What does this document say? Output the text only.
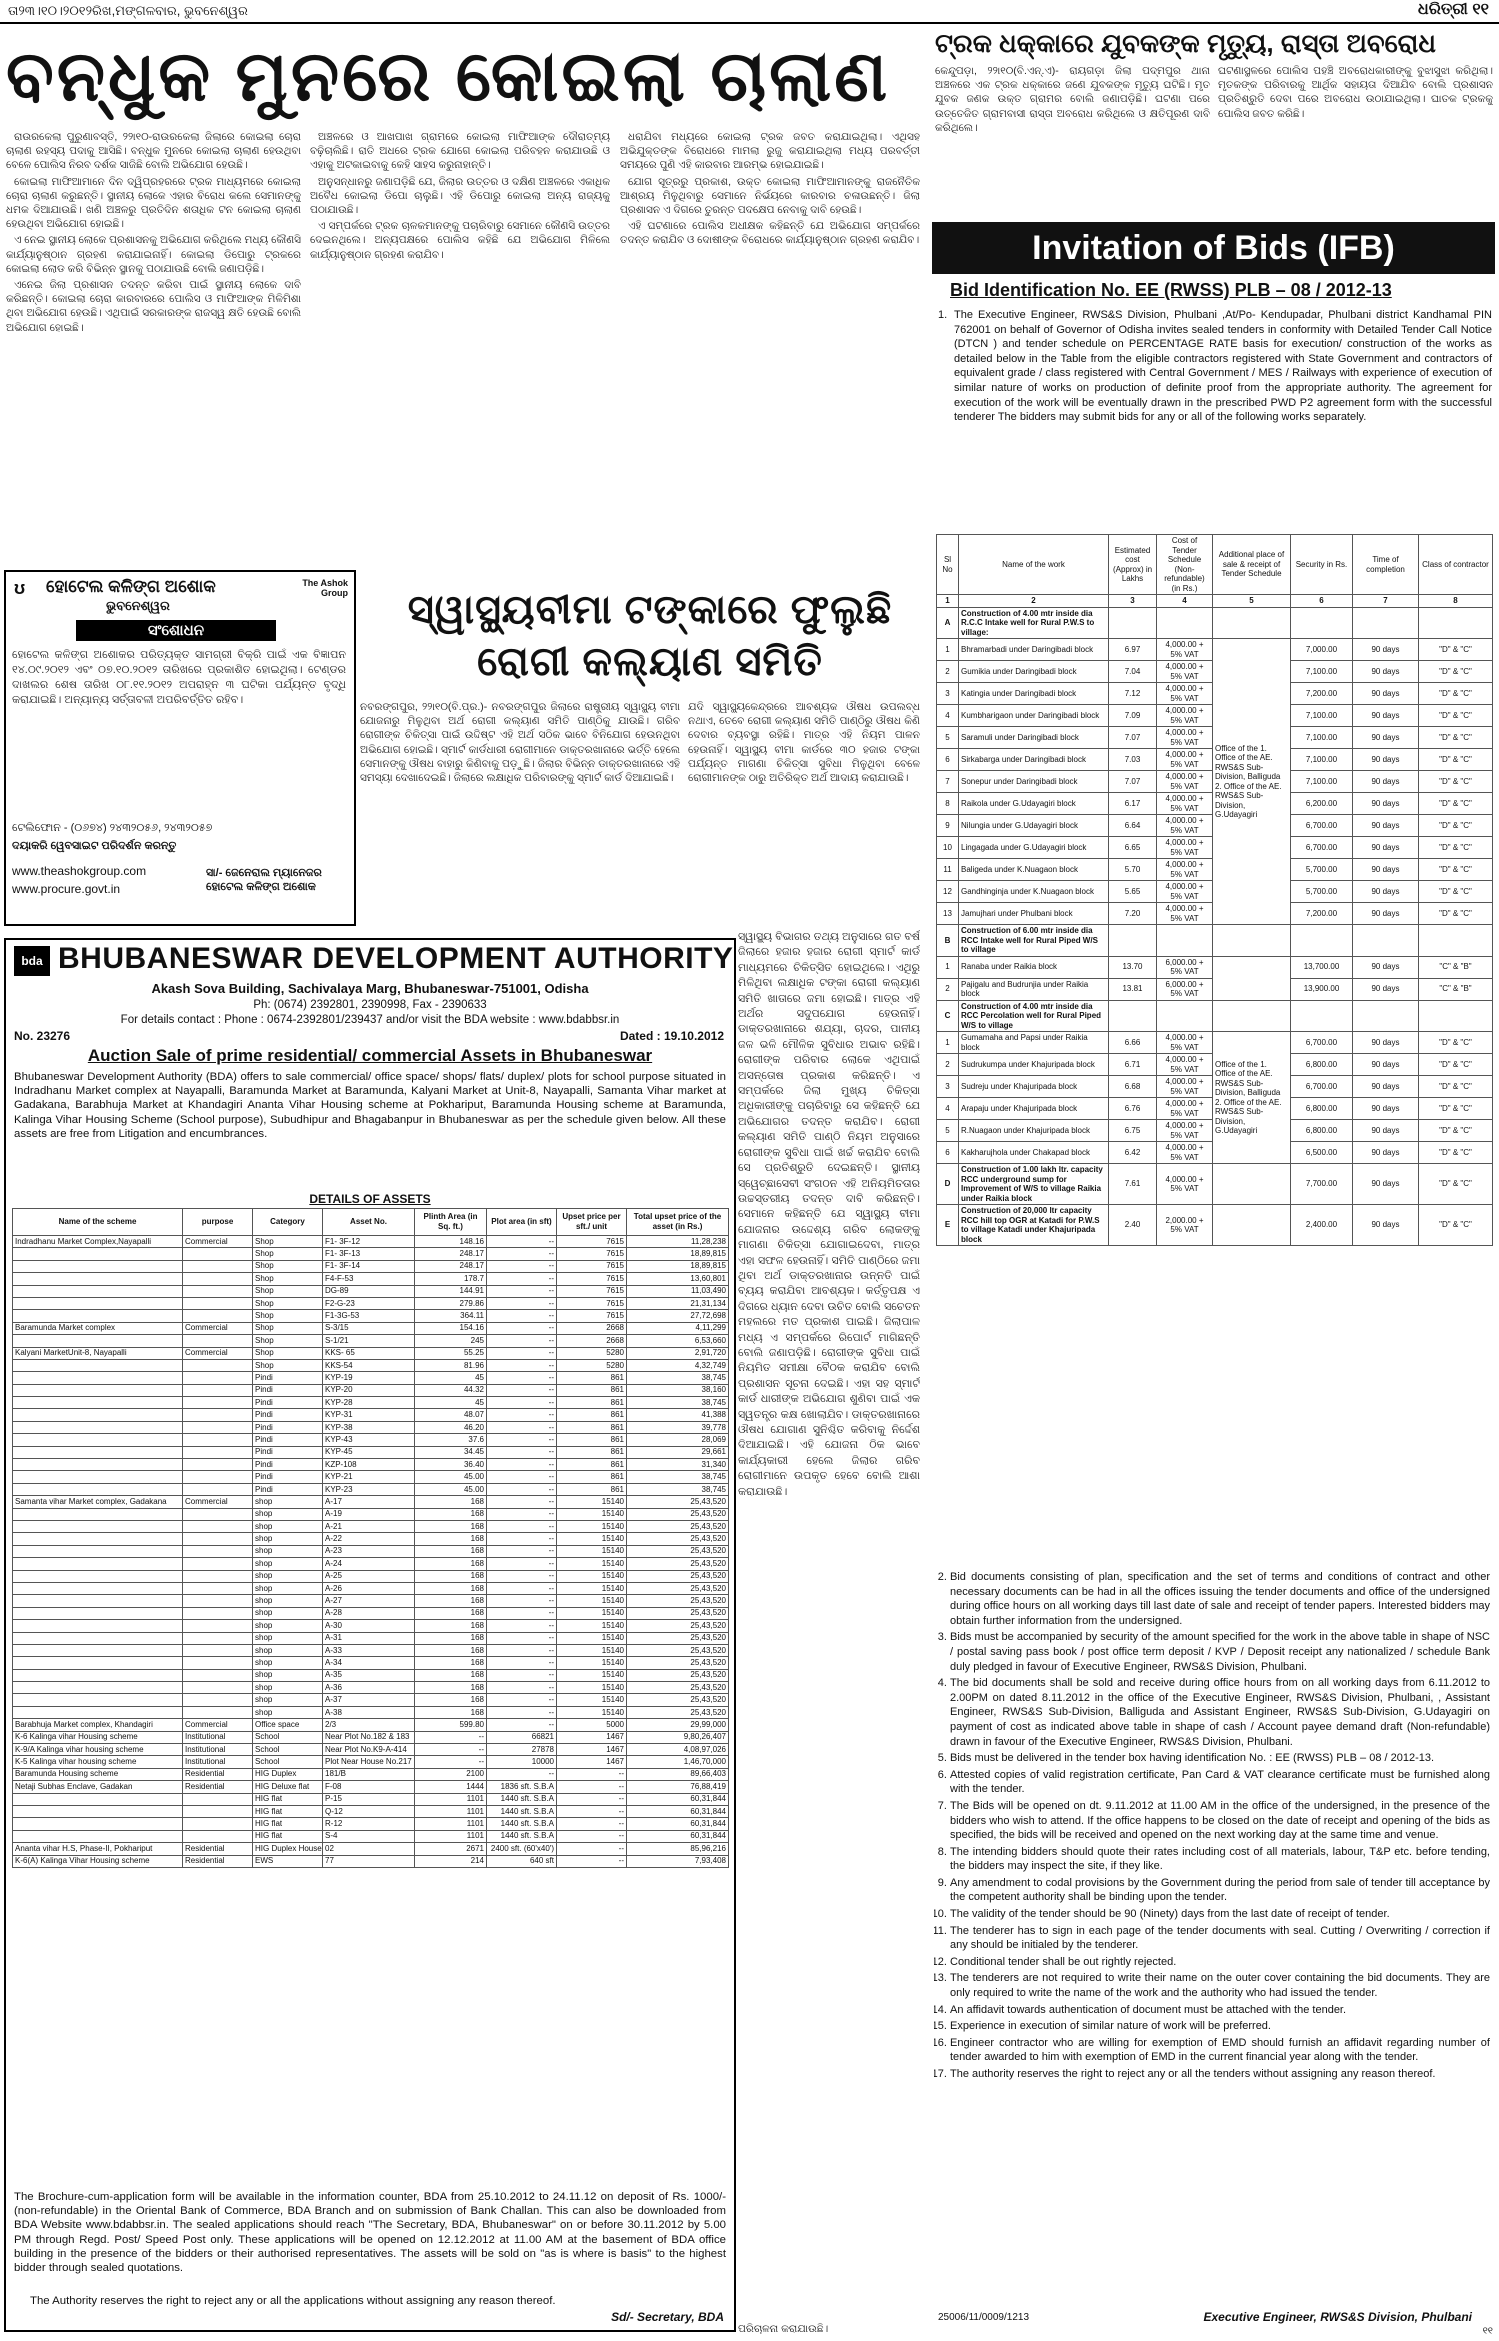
ତା୨୩।୧୦।୨୦୧୨ରିଖ,ମଙ୍ଗଳବାର, ଭୁବନେଶ୍ୱର	ଧରିତ୍ରୀ ୧୧
ବନ୍ଧୁକ ମୁନରେ କୋଇଲା ଚାଲାଣ

ରାଉରକେଲା ପୁରୁଣାବସ୍ତି, ୨୨ା୧୦-ରାଉରକେଲା ଜିଲାରେ କୋଇଲା ଚୋରା ଚାଲାଣ ରହସ୍ୟ ପଦାକୁ ଆସିଛି। ବନ୍ଧୁକ ମୁନରେ କୋଇଲା ଚାଲାଣ ହେଉଥିବା ବେଳେ ପୋଲିସ ନିରବ ଦର୍ଶକ ସାଜିଛି ବୋଲି ଅଭିଯୋଗ ହେଉଛି।

କୋଇଲା ମାଫିଆମାନେ ଦିନ ଦ୍ୱିପ୍ରହରରେ ଟ୍ରକ ମାଧ୍ୟମରେ କୋଇଲା ଚୋରା ଚାଲାଣ କରୁଛନ୍ତି। ସ୍ଥାନୀୟ ଲୋକେ ଏହାର ବିରୋଧ କଲେ ସେମାନଙ୍କୁ ଧମକ ଦିଆଯାଉଛି। ଖଣି ଅଞ୍ଚଳରୁ ପ୍ରତିଦିନ ଶତାଧିକ ଟନ କୋଇଲା ଚାଲାଣ ହେଉଥିବା ଅଭିଯୋଗ ହୋଇଛି।

ଏ ନେଇ ସ୍ଥାନୀୟ ଲୋକେ ପ୍ରଶାସନକୁ ଅଭିଯୋଗ କରିଥିଲେ ମଧ୍ୟ କୌଣସି କାର୍ଯ୍ୟାନୁଷ୍ଠାନ ଗ୍ରହଣ କରାଯାଇନାହିଁ। କୋଇଲା ଡିପୋରୁ ଟ୍ରକରେ କୋଇଲା ଲୋଡ କରି ବିଭିନ୍ନ ସ୍ଥାନକୁ ପଠାଯାଉଛି ବୋଲି ଜଣାପଡ଼ିଛି।

ଏନେଇ ଜିଲା ପ୍ରଶାସନ ତଦନ୍ତ କରିବା ପାଇଁ ସ୍ଥାନୀୟ ଲୋକେ ଦାବି କରିଛନ୍ତି। କୋଇଲା ଚୋରା କାରବାରରେ ପୋଲିସ ଓ ମାଫିଆଙ୍କ ମିଳିମିଶା ଥିବା ଅଭିଯୋଗ ହେଉଛି। ଏଥିପାଇଁ ସରକାରଙ୍କ ରାଜସ୍ୱ କ୍ଷତି ହେଉଛି ବୋଲି ଅଭିଯୋଗ ହୋଇଛି।

ଅଞ୍ଚଳରେ ଓ ଆଖପାଖ ଗ୍ରାମରେ କୋଇଲା ମାଫିଆଙ୍କ ଦୌରାତ୍ମ୍ୟ ବଢ଼ିଚାଲିଛି। ରାତି ଅଧରେ ଟ୍ରକ ଯୋଗେ କୋଇଲା ପରିବହନ କରାଯାଉଛି ଓ ଏହାକୁ ଅଟକାଇବାକୁ କେହି ସାହସ କରୁନାହାନ୍ତି।

ଅନୁସନ୍ଧାନରୁ ଜଣାପଡ଼ିଛି ଯେ, ଜିଲାର ଉତ୍ତର ଓ ଦକ୍ଷିଣ ଅଞ୍ଚଳରେ ଏକାଧିକ ଅବୈଧ କୋଇଲା ଡିପୋ ଚାଲୁଛି। ଏହି ଡିପୋରୁ କୋଇଲା ଅନ୍ୟ ରାଜ୍ୟକୁ ପଠାଯାଉଛି।

ଏ ସମ୍ପର୍କରେ ଟ୍ରକ ଚାଳକମାନଙ୍କୁ ପଚାରିବାରୁ ସେମାନେ କୌଣସି ଉତ୍ତର ଦେଇନଥିଲେ। ଅନ୍ୟପକ୍ଷରେ ପୋଲିସ କହିଛି ଯେ ଅଭିଯୋଗ ମିଳିଲେ କାର୍ଯ୍ୟାନୁଷ୍ଠାନ ଗ୍ରହଣ କରାଯିବ।

ଧରାଯିବା ମଧ୍ୟରେ କୋଇଲା ଟ୍ରକ ଜବତ କରାଯାଇଥିଲା। ଏଥିସହ ଅଭିଯୁକ୍ତଙ୍କ ବିରୋଧରେ ମାମଲା ରୁଜୁ କରାଯାଇଥିଲା ମଧ୍ୟ ପରବର୍ତ୍ତୀ ସମୟରେ ପୁଣି ଏହି କାରବାର ଆରମ୍ଭ ହୋଇଯାଇଛି।

ଯୋଗ ସୂତ୍ରରୁ ପ୍ରକାଶ, ଉକ୍ତ କୋଇଲା ମାଫିଆମାନଙ୍କୁ ରାଜନୈତିକ ଆଶ୍ରୟ ମିଳୁଥିବାରୁ ସେମାନେ ନିର୍ଭୟରେ କାରବାର ଚଳାଉଛନ୍ତି। ଜିଲା ପ୍ରଶାସନ ଏ ଦିଗରେ ତୁରନ୍ତ ପଦକ୍ଷେପ ନେବାକୁ ଦାବି ହେଉଛି।

ଏହି ଘଟଣାରେ ପୋଲିସ ଅଧୀକ୍ଷକ କହିଛନ୍ତି ଯେ ଅଭିଯୋଗ ସମ୍ପର୍କରେ ତଦନ୍ତ କରାଯିବ ଓ ଦୋଷୀଙ୍କ ବିରୋଧରେ କାର୍ଯ୍ୟାନୁଷ୍ଠାନ ଗ୍ରହଣ କରାଯିବ।

ଟ୍ରକ ଧକ୍କାରେ ଯୁବକଙ୍କ ମୃତ୍ୟୁ, ରାସ୍ତା ଅବରୋଧ
କେନ୍ଦୁପଡ଼ା, ୨୨ା୧୦(ବି.ଏନ୍.ଏ)- ରାୟଗଡ଼ା ଜିଲା ପଦ୍ମପୁର ଥାନା ଅଞ୍ଚଳରେ ଏକ ଟ୍ରକ ଧକ୍କାରେ ଜଣେ ଯୁବକଙ୍କ ମୃତ୍ୟୁ ଘଟିଛି। ମୃତ ଯୁବକ ଜଣକ ଉକ୍ତ ଗ୍ରାମର ବୋଲି ଜଣାପଡ଼ିଛି। ଘଟଣା ପରେ ଉତ୍ତେଜିତ ଗ୍ରାମବାସୀ ରାସ୍ତା ଅବରୋଧ କରିଥିଲେ ଓ କ୍ଷତିପୂରଣ ଦାବି କରିଥିଲେ।
ଘଟଣାସ୍ଥଳରେ ପୋଲିସ ପହଞ୍ଚି ଅବରୋଧକାରୀଙ୍କୁ ବୁଝାସୁଝା କରିଥିଲା। ମୃତକଙ୍କ ପରିବାରକୁ ଆର୍ଥିକ ସହାୟତା ଦିଆଯିବ ବୋଲି ପ୍ରଶାସନ ପ୍ରତିଶ୍ରୁତି ଦେବା ପରେ ଅବରୋଧ ଉଠାଯାଇଥିଲା। ଘାତକ ଟ୍ରକକୁ ପୋଲିସ ଜବତ କରିଛି।
ʊ ହୋଟେଲ କଳିଙ୍ଗ ଅଶୋକ
ଭୁବନେଶ୍ୱର
The Ashok Group
ସଂଶୋଧନ
ହୋଟେଲ କଳିଙ୍ଗ ଅଶୋକର ପରିତ୍ୟକ୍ତ ସାମଗ୍ରୀ ବିକ୍ରି ପାଇଁ ଏକ ବିଜ୍ଞାପନ ୧୪.୦୯.୨୦୧୨ ଏବଂ ୦୭.୧୦.୨୦୧୨ ତାରିଖରେ ପ୍ରକାଶିତ ହୋଇଥିଲା। ଟେଣ୍ଡର ଦାଖଲର ଶେଷ ତାରିଖ ୦୮.୧୧.୨୦୧୨ ଅପରାହ୍ନ ୩ ଘଟିକା ପର୍ଯ୍ୟନ୍ତ ବୃଦ୍ଧି କରାଯାଇଛି। ଅନ୍ୟାନ୍ୟ ସର୍ତ୍ତାବଳୀ ଅପରିବର୍ତ୍ତିତ ରହିବ।
ଟେଲିଫୋନ - (୦୬୭୪) ୨୪୩୨୦୫୬, ୨୪୩୨୦୫୭
ଦୟାକରି ୱେବସାଇଟ ପରିଦର୍ଶନ କରନ୍ତୁ
www.theashokgroup.com
www.procure.govt.in
ସା/- ଜେନେରାଲ ମ୍ୟାନେଜର ହୋଟେଲ କଳିଙ୍ଗ ଅଶୋକ
ସ୍ୱାସ୍ଥ୍ୟବୀମା ଟଙ୍କାରେ ଫୁଲୁଛି
ରୋଗୀ କଲ୍ୟାଣ ସମିତି
ନବରଙ୍ଗପୁର, ୨୨ା୧୦(ବି.ପ୍ର.)- ନବରଙ୍ଗପୁର ଜିଲାରେ ରାଷ୍ଟ୍ରୀୟ ସ୍ୱାସ୍ଥ୍ୟ ବୀମା ଯୋଜନାରୁ ମିଳୁଥିବା ଅର୍ଥ ରୋଗୀ କଲ୍ୟାଣ ସମିତି ପାଣ୍ଠିକୁ ଯାଉଛି। ଗରିବ ରୋଗୀଙ୍କ ଚିକିତ୍ସା ପାଇଁ ଉଦ୍ଦିଷ୍ଟ ଏହି ଅର୍ଥ ସଠିକ ଭାବେ ବିନିଯୋଗ ହେଉନଥିବା ଅଭିଯୋଗ ହୋଇଛି। ସ୍ମାର୍ଟ କାର୍ଡଧାରୀ ରୋଗୀମାନେ ଡାକ୍ତରଖାନାରେ ଭର୍ତ୍ତି ହେଲେ ସେମାନଙ୍କୁ ଔଷଧ ବାହାରୁ କିଣିବାକୁ ପଡ଼ୁଛି। ଜିଲାର ବିଭିନ୍ନ ଡାକ୍ତରଖାନାରେ ଏହି ସମସ୍ୟା ଦେଖାଦେଇଛି। ଜିଲାରେ ଲକ୍ଷାଧିକ ପରିବାରଙ୍କୁ ସ୍ମାର୍ଟ କାର୍ଡ ଦିଆଯାଇଛି।
ଯଦି ସ୍ୱାସ୍ଥ୍ୟକେନ୍ଦ୍ରରେ ଆବଶ୍ୟକ ଔଷଧ ଉପଲବ୍ଧ ନଥାଏ, ତେବେ ରୋଗୀ କଲ୍ୟାଣ ସମିତି ପାଣ୍ଠିରୁ ଔଷଧ କିଣି ଦେବାର ବ୍ୟବସ୍ଥା ରହିଛି। ମାତ୍ର ଏହି ନିୟମ ପାଳନ ହେଉନାହିଁ। ସ୍ୱାସ୍ଥ୍ୟ ବୀମା କାର୍ଡରେ ୩୦ ହଜାର ଟଙ୍କା ପର୍ଯ୍ୟନ୍ତ ମାଗଣା ଚିକିତ୍ସା ସୁବିଧା ମିଳୁଥିବା ବେଳେ ରୋଗୀମାନଙ୍କ ଠାରୁ ଅତିରିକ୍ତ ଅର୍ଥ ଆଦାୟ କରାଯାଉଛି।
ସ୍ୱାସ୍ଥ୍ୟ ବିଭାଗର ତଥ୍ୟ ଅନୁସାରେ ଗତ ବର୍ଷ ଜିଲାରେ ହଜାର ହଜାର ରୋଗୀ ସ୍ମାର୍ଟ କାର୍ଡ ମାଧ୍ୟମରେ ଚିକିତ୍ସିତ ହୋଇଥିଲେ। ଏଥିରୁ ମିଳିଥିବା ଲକ୍ଷାଧିକ ଟଙ୍କା ରୋଗୀ କଲ୍ୟାଣ ସମିତି ଖାତାରେ ଜମା ହୋଇଛି। ମାତ୍ର ଏହି ଅର୍ଥର ସଦୁପଯୋଗ ହେଉନାହିଁ। ଡାକ୍ତରଖାନାରେ ଶଯ୍ୟା, ଚାଦର, ପାନୀୟ ଜଳ ଭଳି ମୌଳିକ ସୁବିଧାର ଅଭାବ ରହିଛି। ରୋଗୀଙ୍କ ପରିବାର ଲୋକେ ଏଥିପାଇଁ ଅସନ୍ତୋଷ ପ୍ରକାଶ କରିଛନ୍ତି। ଏ ସମ୍ପର୍କରେ ଜିଲା ମୁଖ୍ୟ ଚିକିତ୍ସା ଅଧିକାରୀଙ୍କୁ ପଚାରିବାରୁ ସେ କହିଛନ୍ତି ଯେ ଅଭିଯୋଗର ତଦନ୍ତ କରାଯିବ। ରୋଗୀ କଲ୍ୟାଣ ସମିତି ପାଣ୍ଠି ନିୟମ ଅନୁସାରେ ରୋଗୀଙ୍କ ସୁବିଧା ପାଇଁ ଖର୍ଚ୍ଚ କରାଯିବ ବୋଲି ସେ ପ୍ରତିଶ୍ରୁତି ଦେଇଛନ୍ତି। ସ୍ଥାନୀୟ ସ୍ୱେଚ୍ଛାସେବୀ ସଂଗଠନ ଏହି ଅନିୟମିତତାର ଉଚ୍ଚସ୍ତରୀୟ ତଦନ୍ତ ଦାବି କରିଛନ୍ତି। ସେମାନେ କହିଛନ୍ତି ଯେ ସ୍ୱାସ୍ଥ୍ୟ ବୀମା ଯୋଜନାର ଉଦ୍ଦେଶ୍ୟ ଗରିବ ଲୋକଙ୍କୁ ମାଗଣା ଚିକିତ୍ସା ଯୋଗାଇଦେବା, ମାତ୍ର ଏହା ସଫଳ ହେଉନାହିଁ। ସମିତି ପାଣ୍ଠିରେ ଜମା ଥିବା ଅର୍ଥ ଡାକ୍ତରଖାନାର ଉନ୍ନତି ପାଇଁ ବ୍ୟୟ କରାଯିବା ଆବଶ୍ୟକ। କର୍ତ୍ତୃପକ୍ଷ ଏ ଦିଗରେ ଧ୍ୟାନ ଦେବା ଉଚିତ ବୋଲି ସଚେତନ ମହଲରେ ମତ ପ୍ରକାଶ ପାଇଛି। ଜିଲାପାଳ ମଧ୍ୟ ଏ ସମ୍ପର୍କରେ ରିପୋର୍ଟ ମାଗିଛନ୍ତି ବୋଲି ଜଣାପଡ଼ିଛି। ରୋଗୀଙ୍କ ସୁବିଧା ପାଇଁ ନିୟମିତ ସମୀକ୍ଷା ବୈଠକ କରାଯିବ ବୋଲି ପ୍ରଶାସନ ସୂଚନା ଦେଇଛି। ଏହା ସହ ସ୍ମାର୍ଟ କାର୍ଡ ଧାରୀଙ୍କ ଅଭିଯୋଗ ଶୁଣିବା ପାଇଁ ଏକ ସ୍ୱତନ୍ତ୍ର କକ୍ଷ ଖୋଲାଯିବ। ଡାକ୍ତରଖାନାରେ ଔଷଧ ଯୋଗାଣ ସୁନିଶ୍ଚିତ କରିବାକୁ ନିର୍ଦ୍ଦେଶ ଦିଆଯାଇଛି। ଏହି ଯୋଜନା ଠିକ ଭାବେ କାର୍ଯ୍ୟକାରୀ ହେଲେ ଜିଲାର ଗରିବ ରୋଗୀମାନେ ଉପକୃତ ହେବେ ବୋଲି ଆଶା କରାଯାଉଛି।
ପରିଚାଳନା କରାଯାଉଛି।
bda BHUBANESWAR DEVELOPMENT AUTHORITY
Akash Sova Building, Sachivalaya Marg, Bhubaneswar-751001, Odisha
Ph: (0674) 2392801, 2390998, Fax - 2390633
For details contact : Phone : 0674-2392801/239437 and/or visit the BDA website : www.bdabbsr.in
No. 23276	Dated : 19.10.2012
Auction Sale of prime residential/ commercial Assets in Bhubaneswar
Bhubaneswar Development Authority (BDA) offers to sale commercial/ office space/ shops/ flats/ duplex/ plots for school purpose situated in Indradhanu Market complex at Nayapalli, Baramunda Market at Baramunda, Kalyani Market at Unit-8, Nayapalli, Samanta Vihar market at Gadakana, Barabhuja Market at Khandagiri Ananta Vihar Housing scheme at Pokhariput, Baramunda Housing scheme at Baramunda, Kalinga Vihar Housing Scheme (School purpose), Subudhipur and Bhagabanpur in Bhubaneswar as per the schedule given below. All these assets are free from Litigation and encumbrances.
DETAILS OF ASSETS
Name of the scheme	purpose	Category	Asset No.	Plinth Area (in Sq. ft.)	Plot area (in sft)	Upset price per sft./ unit	Total upset price of the asset (in Rs.)
Indradhanu Market Complex,Nayapalli	Commercial	Shop	F1- 3F-12	148.16	--	7615	11,28,238
		Shop	F1- 3F-13	248.17	--	7615	18,89,815
		Shop	F1- 3F-14	248.17	--	7615	18,89,815
		Shop	F4-F-53	178.7	--	7615	13,60,801
		Shop	DG-89	144.91	--	7615	11,03,490
		Shop	F2-G-23	279.86	--	7615	21,31,134
		Shop	F1-3G-53	364.11	--	7615	27,72,698
Baramunda Market complex	Commercial	Shop	S-3/15	154.16	--	2668	4,11,299
		Shop	S-1/21	245	--	2668	6,53,660
Kalyani MarketUnit-8, Nayapalli	Commercial	Shop	KKS- 65	55.25	--	5280	2,91,720
		Shop	KKS-54	81.96	--	5280	4,32,749
		Pindi	KYP-19	45	--	861	38,745
		Pindi	KYP-20	44.32	--	861	38,160
		Pindi	KYP-28	45	--	861	38,745
		Pindi	KYP-31	48.07	--	861	41,388
		Pindi	KYP-38	46.20	--	861	39,778
		Pindi	KYP-43	37.6	--	861	28,069
		Pindi	KYP-45	34.45	--	861	29,661
		Pindi	KZP-108	36.40	--	861	31,340
		Pindi	KYP-21	45.00	--	861	38,745
		Pindi	KYP-23	45.00	--	861	38,745
Samanta vihar Market complex, Gadakana	Commercial	shop	A-17	168	--	15140	25,43,520
		shop	A-19	168	--	15140	25,43,520
		shop	A-21	168	--	15140	25,43,520
		shop	A-22	168	--	15140	25,43,520
		shop	A-23	168	--	15140	25,43,520
		shop	A-24	168	--	15140	25,43,520
		shop	A-25	168	--	15140	25,43,520
		shop	A-26	168	--	15140	25,43,520
		shop	A-27	168	--	15140	25,43,520
		shop	A-28	168	--	15140	25,43,520
		shop	A-30	168	--	15140	25,43,520
		shop	A-31	168	--	15140	25,43,520
		shop	A-33	168	--	15140	25,43,520
		shop	A-34	168	--	15140	25,43,520
		shop	A-35	168	--	15140	25,43,520
		shop	A-36	168	--	15140	25,43,520
		shop	A-37	168	--	15140	25,43,520
		shop	A-38	168	--	15140	25,43,520
Barabhuja Market complex, Khandagiri	Commercial	Office space	2/3	599.80	--	5000	29,99,000
K-6 Kalinga vihar Housing scheme	Institutional	School	Near Plot No.182 & 183	--	66821	1467	9,80,26,407
K-9/A Kalinga vihar housing scheme	Institutional	School	Near Plot No.K9-A-414	--	27878	1467	4,08,97,026
K-5 Kalinga vihar housing scheme	Institutional	School	Plot Near House No.217	--	10000	1467	1,46,70,000
Baramunda Housing scheme	Residential	HIG Duplex	181/B	2100	--	--	89,66,403
Netaji Subhas Enclave, Gadakan	Residential	HIG Deluxe flat	F-08	1444	1836 sft. S.B.A	--	76,88,419
		HIG flat	P-15	1101	1440 sft. S.B.A	--	60,31,844
		HIG flat	Q-12	1101	1440 sft. S.B.A	--	60,31,844
		HIG flat	R-12	1101	1440 sft. S.B.A	--	60,31,844
		HIG flat	S-4	1101	1440 sft. S.B.A	--	60,31,844
Ananta vihar H.S, Phase-II, Pokhariput	Residential	HIG Duplex House	02	2671	2400 sft. (60'x40')	--	85,96,216
K-6(A) Kalinga Vihar Housing scheme	Residential	EWS	77	214	640 sft	--	7,93,408
The Brochure-cum-application form will be available in the information counter, BDA from 25.10.2012 to 24.11.12 on deposit of Rs. 1000/- (non-refundable) in the Oriental Bank of Commerce, BDA Branch and on submission of Bank Challan. This can also be downloaded from BDA Website www.bdabbsr.in. The sealed applications should reach "The Secretary, BDA, Bhubaneswar" on or before 30.11.2012 by 5.00 PM through Regd. Post/ Speed Post only. These applications will be opened on 12.12.2012 at 11.00 AM at the basement of BDA office building in the presence of the bidders or their authorised representatives. The assets will be sold on "as is where is basis" to the highest bidder through sealed quotations.
The Authority reserves the right to reject any or all the applications without assigning any reason thereof.
Sd/- Secretary, BDA
Invitation of Bids (IFB)
Bid Identification No. EE (RWSS) PLB – 08 / 2012-13
1. The Executive Engineer, RWS&S Division, Phulbani ,At/Po- Kendupadar, Phulbani district Kandhamal PIN 762001 on behalf of Governor of Odisha invites sealed tenders in conformity with Detailed Tender Call Notice (DTCN ) and tender schedule on PERCENTAGE RATE basis for execution/ construction of the works as detailed below in the Table from the eligible contractors registered with State Government and contractors of equivalent grade / class registered with Central Government / MES / Railways with experience of execution of similar nature of works on production of definite proof from the appropriate authority. The agreement for execution of the work will be eventually drawn in the prescribed PWD P2 agreement form with the successful tenderer The bidders may submit bids for any or all of the following works separately.
Sl No	Name of the work	Estimated cost (Approx) in Lakhs	Cost of Tender Schedule (Non-refundable) (in Rs.)	Additional place of sale & receipt of Tender Schedule	Security in Rs.	Time of completion	Class of contractor
1	2	3	4	5	6	7	8
A	Construction of 4.00 mtr inside dia R.C.C Intake well for Rural P.W.S to village:						
1	Bhramarbadi under Daringibadi block	6.97	4,000.00 + 5% VAT	Office of the 1. Office of the AE. RWS&S Sub-Division, Balliguda 2. Office of the AE. RWS&S Sub-Division, G.Udayagiri	7,000.00	90 days	"D" & "C"
2	Gumikia under Daringibadi block	7.04	4,000.00 + 5% VAT		7,100.00	90 days	"D" & "C"
3	Katingia under Daringibadi block	7.12	4,000.00 + 5% VAT		7,200.00	90 days	"D" & "C"
4	Kumbharigaon under Daringibadi block	7.09	4,000.00 + 5% VAT		7,100.00	90 days	"D" & "C"
5	Saramuli under Daringibadi block	7.07	4,000.00 + 5% VAT		7,100.00	90 days	"D" & "C"
6	Sirkabarga under Daringibadi block	7.03	4,000.00 + 5% VAT		7,100.00	90 days	"D" & "C"
7	Sonepur under Daringibadi block	7.07	4,000.00 + 5% VAT		7,100.00	90 days	"D" & "C"
8	Raikola under G.Udayagiri block	6.17	4,000.00 + 5% VAT		6,200.00	90 days	"D" & "C"
9	Nilungia under G.Udayagiri block	6.64	4,000.00 + 5% VAT		6,700.00	90 days	"D" & "C"
10	Lingagada under G.Udayagiri block	6.65	4,000.00 + 5% VAT		6,700.00	90 days	"D" & "C"
11	Baligeda under K.Nuagaon block	5.70	4,000.00 + 5% VAT		5,700.00	90 days	"D" & "C"
12	Gandhinginja under K.Nuagaon block	5.65	4,000.00 + 5% VAT		5,700.00	90 days	"D" & "C"
13	Jamujhari under Phulbani block	7.20	4,000.00 + 5% VAT		7,200.00	90 days	"D" & "C"
B	Construction of 6.00 mtr inside dia RCC Intake well for Rural Piped W/S to village						
1	Ranaba under Raikia block	13.70	6,000.00 + 5% VAT		13,700.00	90 days	"C" & "B"
2	Pajigalu and Budrunjia under Raikia block	13.81	6,000.00 + 5% VAT		13,900.00	90 days	"C" & "B"
C	Construction of 4.00 mtr inside dia RCC Percolation well for Rural Piped W/S to village						
1	Gumamaha and Papsi under Raikia block	6.66	4,000.00 + 5% VAT	Office of the 1. Office of the AE. RWS&S Sub-Division, Balliguda 2. Office of the AE. RWS&S Sub-Division, G.Udayagiri	6,700.00	90 days	"D" & "C"
2	Sudrukumpa under Khajuripada block	6.71	4,000.00 + 5% VAT		6,800.00	90 days	"D" & "C"
3	Sudreju under Khajuripada block	6.68	4,000.00 + 5% VAT		6,700.00	90 days	"D" & "C"
4	Arapaju under Khajuripada block	6.76	4,000.00 + 5% VAT		6,800.00	90 days	"D" & "C"
5	R.Nuagaon under Khajuripada block	6.75	4,000.00 + 5% VAT		6,800.00	90 days	"D" & "C"
6	Kakharujhola under Chakapad block	6.42	4,000.00 + 5% VAT		6,500.00	90 days	"D" & "C"
D	Construction of 1.00 lakh ltr. capacity RCC underground sump for Improvement of W/S to village Raikia under Raikia block	7.61	4,000.00 + 5% VAT		7,700.00	90 days	"D" & "C"
E	Construction of 20,000 ltr capacity RCC hill top OGR at Katadi for P.W.S to village Katadi under Khajuripada block	2.40	2,000.00 + 5% VAT		2,400.00	90 days	"D" & "C"
2. Bid documents consisting of plan, specification and the set of terms and conditions of contract and other necessary documents can be had in all the offices issuing the tender documents and office of the undersigned during office hours on all working days till last date of sale and receipt of tender papers. Interested bidders may obtain further information from the undersigned.
3. Bids must be accompanied by security of the amount specified for the work in the above table in shape of NSC / postal saving pass book / post office term deposit / KVP / Deposit receipt any nationalized / schedule Bank duly pledged in favour of Executive Engineer, RWS&S Division, Phulbani.
4. The bid documents shall be sold and receive during office hours from on all working days from 6.11.2012 to 2.00PM on dated 8.11.2012 in the office of the Executive Engineer, RWS&S Division, Phulbani, , Assistant Engineer, RWS&S Sub-Division, Balliguda and Assistant Engineer, RWS&S Sub-Division, G.Udayagiri on payment of cost as indicated above table in shape of cash / Account payee demand draft (Non-refundable) drawn in favour of the Executive Engineer, RWS&S Division, Phulbani.
5. Bids must be delivered in the tender box having identification No. : EE (RWSS) PLB – 08 / 2012-13.
6. Attested copies of valid registration certificate, Pan Card & VAT clearance certificate must be furnished along with the tender.
7. The Bids will be opened on dt. 9.11.2012 at 11.00 AM in the office of the undersigned, in the presence of the bidders who wish to attend. If the office happens to be closed on the date of receipt and opening of the bids as specified, the bids will be received and opened on the next working day at the same time and venue.
8. The intending bidders should quote their rates including cost of all materials, labour, T&P etc. before tending, the bidders may inspect the site, if they like.
9. Any amendment to codal provisions by the Government during the period from sale of tender till acceptance by the competent authority shall be binding upon the tender.
10. The validity of the tender should be 90 (Ninety) days from the last date of receipt of tender.
11. The tenderer has to sign in each page of the tender documents with seal. Cutting / Overwriting / correction if any should be initialed by the tenderer.
12. Conditional tender shall be out rightly rejected.
13. The tenderers are not required to write their name on the outer cover containing the bid documents. They are only required to write the name of the work and the authority who had issued the tender.
14. An affidavit towards authentication of document must be attached with the tender.
15. Experience in execution of similar nature of work will be preferred.
16. Engineer contractor who are willing for exemption of EMD should furnish an affidavit regarding number of tender awarded to him with exemption of EMD in the current financial year along with the tender.
17. The authority reserves the right to reject any or all the tenders without assigning any reason thereof.
25006/11/0009/1213	Executive Engineer, RWS&S Division, Phulbani
୧୧
